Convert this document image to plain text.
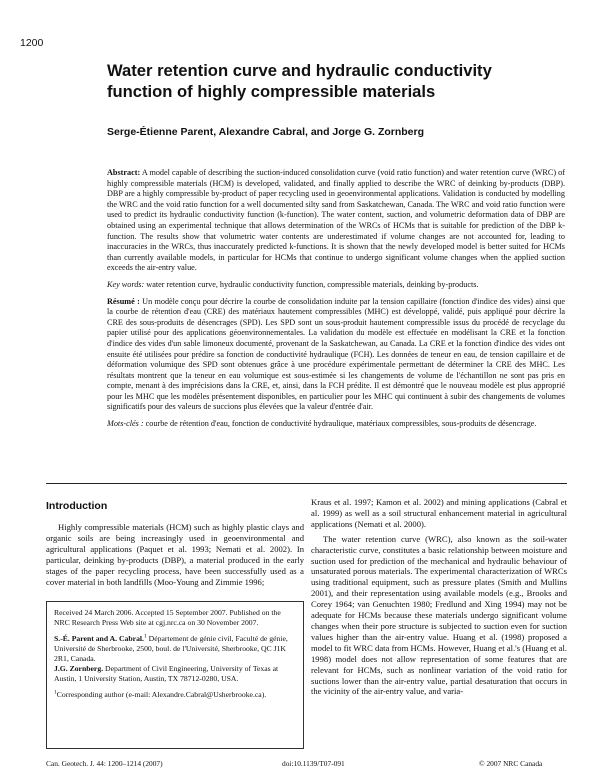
1200
Water retention curve and hydraulic conductivity
function of highly compressible materials
Serge-Étienne Parent, Alexandre Cabral, and Jorge G. Zornberg

Abstract: A model capable of describing the suction-induced consolidation curve (void ratio function) and water retention curve (WRC) of highly compressible materials (HCM) is developed, validated, and finally applied to describe the WRC of deinking by-products (DBP). DBP are a highly compressible by-product of paper recycling used in geoenvironmental applications. Validation is conducted by modelling the WRC and the void ratio function for a well documented silty sand from Saskatchewan, Canada. The WRC and void ratio function were used to predict its hydraulic conductivity function (k-function). The water content, suction, and volumetric deformation data of DBP are obtained using an experimental technique that allows determination of the WRCs of HCMs that is suitable for prediction of the DBP k-function. The results show that volumetric water contents are underestimated if volume changes are not accounted for, leading to inaccuracies in the WRCs, thus inaccurately predicted k-functions. It is shown that the newly developed model is better suited for HCMs than currently available models, in particular for HCMs that continue to undergo significant volume changes when the applied suction exceeds the air-entry value.

Key words: water retention curve, hydraulic conductivity function, compressible materials, deinking by-products.

Résumé : Un modèle conçu pour décrire la courbe de consolidation induite par la tension capillaire (fonction d'indice des vides) ainsi que la courbe de rétention d'eau (CRE) des matériaux hautement compressibles (MHC) est développé, validé, puis appliqué pour décrire la CRE des sous-produits de désencrages (SPD). Les SPD sont un sous-produit hautement compressible issus du procédé de recyclage du papier utilisé pour des applications géoenvironnementales. La validation du modèle est effectuée en modélisant la CRE et la fonction d'indice des vides d'un sable limoneux documenté, provenant de la Saskatchewan, au Canada. La CRE et la fonction d'indice des vides ont ensuite été utilisées pour prédire sa fonction de conductivité hydraulique (FCH). Les données de teneur en eau, de tension capillaire et de déformation volumique des SPD sont obtenues grâce à une procédure expérimentale permettant de déterminer la CRE des MHC. Les résultats montrent que la teneur en eau volumique est sous-estimée si les changements de volume de l'échantillon ne sont pas pris en compte, menant à des imprécisions dans la CRE, et, ainsi, dans la FCH prédite. Il est démontré que le nouveau modèle est plus approprié pour les MHC que les modèles présentement disponibles, en particulier pour les MHC qui continuent à subir des changements de volumes significatifs pour des valeurs de succions plus élevées que la valeur d'entrée d'air.

Mots-clés : courbe de rétention d'eau, fonction de conductivité hydraulique, matériaux compressibles, sous-produits de désencrage.

Introduction

Highly compressible materials (HCM) such as highly plastic clays and organic soils are being increasingly used in geoenvironmental and agricultural applications (Paquet et al. 1993; Nemati et al. 2002). In particular, deinking by-products (DBP), a material produced in the early stages of the paper recycling process, have been successfully used as a cover material in both landfills (Moo-Young and Zimmie 1996;

Received 24 March 2006. Accepted 15 September 2007. Published on the NRC Research Press Web site at cgj.nrc.ca on 30 November 2007.

S.-É. Parent and A. Cabral.$^1$ Département de génie civil, Faculté de génie, Université de Sherbrooke, 2500, boul. de l'Université, Sherbrooke, QC J1K 2R1, Canada.

J.G. Zornberg. Department of Civil Engineering, University of Texas at Austin, 1 University Station, Austin, TX 78712-0280, USA.

$^1$Corresponding author (e-mail: Alexandre.Cabral@Usherbrooke.ca).

Kraus et al. 1997; Kamon et al. 2002) and mining applications (Cabral et al. 1999) as well as a soil structural enhancement material in agricultural applications (Nemati et al. 2000).

The water retention curve (WRC), also known as the soil-water characteristic curve, constitutes a basic relationship between moisture and suction used for prediction of the mechanical and hydraulic behaviour of unsaturated porous materials. The experimental characterization of WRCs using traditional equipment, such as pressure plates (Smith and Mullins 2001), and their representation using available models (e.g., Brooks and Corey 1964; van Genuchten 1980; Fredlund and Xing 1994) may not be adequate for HCMs because these materials undergo significant volume changes when their pore structure is subjected to suction even for suction values higher than the air-entry value. Huang et al. (1998) proposed a model to fit WRC data from HCMs. However, Huang et al.'s (Huang et al. 1998) model does not allow representation of some features that are relevant for HCMs, such as nonlinear variation of the void ratio for suctions lower than the air-entry value, partial desaturation that occurs in the vicinity of the air-entry value, and varia-

Can. Geotech. J. 44: 1200–1214 (2007)	doi:10.1139/T07-091	© 2007 NRC Canada
